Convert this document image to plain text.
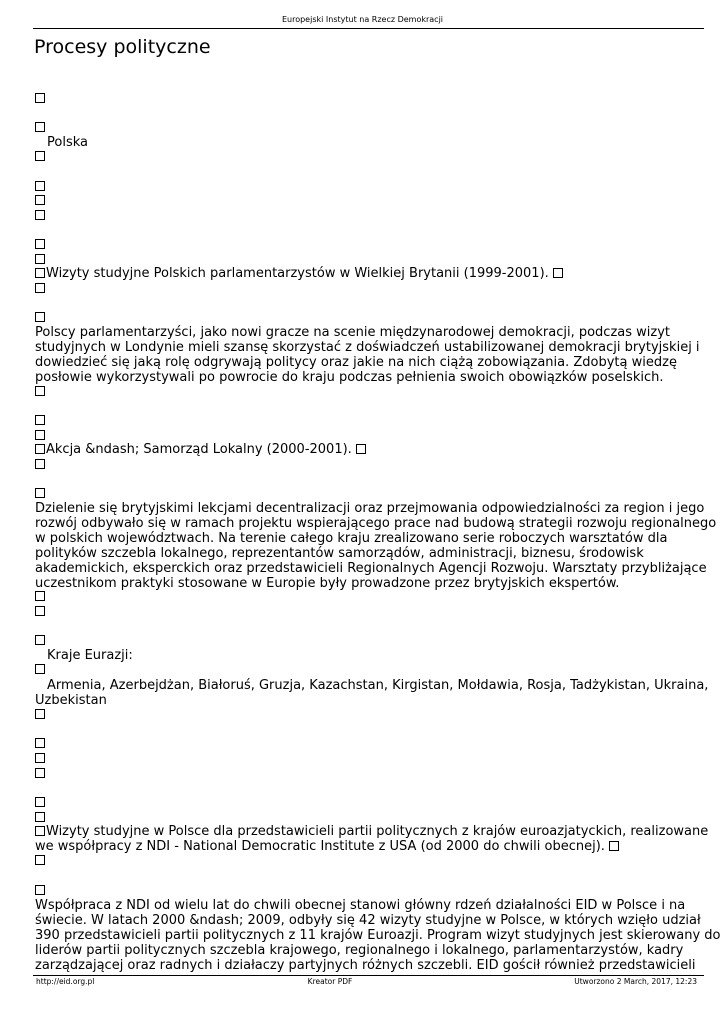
Europejski Instytut na Rzecz Demokracji
Procesy polityczne
Polska
Wizyty studyjne Polskich parlamentarzystów w Wielkiej Brytanii (1999-2001).
Polscy parlamentarzyści, jako nowi gracze na scenie międzynarodowej demokracji, podczas wizyt
studyjnych w Londynie mieli szansę skorzystać z doświadczeń ustabilizowanej demokracji brytyjskiej i
dowiedzieć się jaką rolę odgrywają politycy oraz jakie na nich ciążą zobowiązania. Zdobytą wiedzę
posłowie wykorzystywali po powrocie do kraju podczas pełnienia swoich obowiązków poselskich.
Akcja &ndash; Samorząd Lokalny (2000-2001).
Dzielenie się brytyjskimi lekcjami decentralizacji oraz przejmowania odpowiedzialności za region i jego
rozwój odbywało się w ramach projektu wspierającego prace nad budową strategii rozwoju regionalnego
w polskich województwach. Na terenie całego kraju zrealizowano serie roboczych warsztatów dla
polityków szczebla lokalnego, reprezentantów samorządów, administracji, biznesu, środowisk
akademickich, eksperckich oraz przedstawicieli Regionalnych Agencji Rozwoju. Warsztaty przybliżające
uczestnikom praktyki stosowane w Europie były prowadzone przez brytyjskich ekspertów.
Kraje Eurazji:
Armenia, Azerbejdżan, Białoruś, Gruzja, Kazachstan, Kirgistan, Mołdawia, Rosja, Tadżykistan, Ukraina,
Uzbekistan
Wizyty studyjne w Polsce dla przedstawicieli partii politycznych z krajów euroazjatyckich, realizowane
we współpracy z NDI - National Democratic Institute z USA (od 2000 do chwili obecnej).
Współpraca z NDI od wielu lat do chwili obecnej stanowi główny rdzeń działalności EID w Polsce i na
świecie. W latach 2000 &ndash; 2009, odbyły się 42 wizyty studyjne w Polsce, w których wzięło udział
390 przedstawicieli partii politycznych z 11 krajów Euroazji. Program wizyt studyjnych jest skierowany do
liderów partii politycznych szczebla krajowego, regionalnego i lokalnego, parlamentarzystów, kadry
zarządzającej oraz radnych i działaczy partyjnych różnych szczebli. EID gościł również przedstawicieli
http://eid.org.pl	Kreator PDF	Utworzono 2 March, 2017, 12:23
